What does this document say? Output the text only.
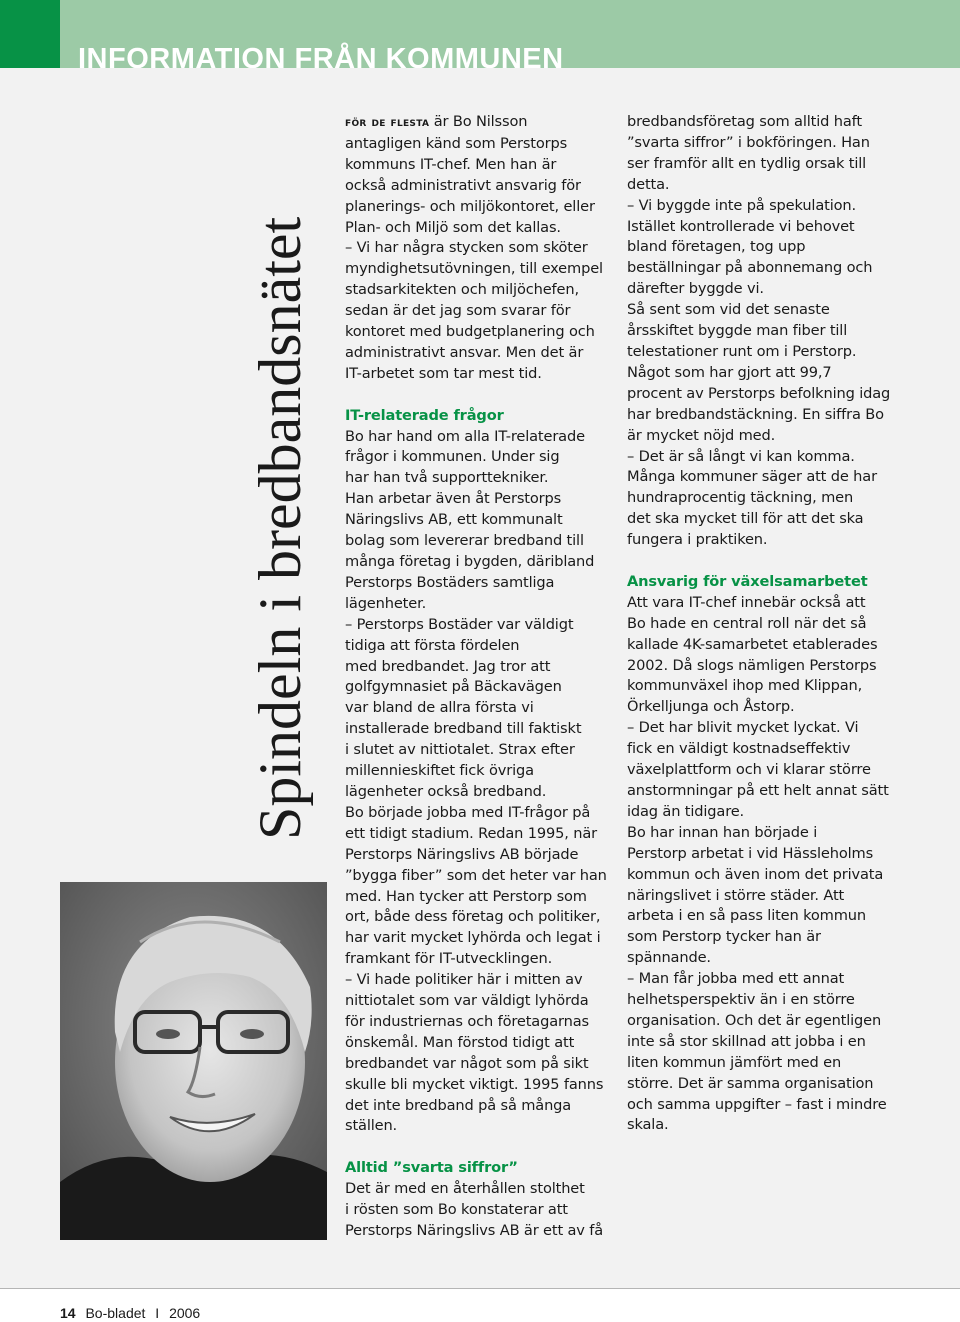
INFORMATION FRÅN KOMMUNEN
Spindeln i bredbandsnätet

för de flesta är Bo Nilsson
antagligen känd som Perstorps
kommuns IT-chef. Men han är
också administrativt ansvarig för
planerings- och miljökontoret, eller
Plan- och Miljö som det kallas.
– Vi har några stycken som sköter
myndighetsutövningen, till exempel
stadsarkitekten och miljöchefen,
sedan är det jag som svarar för
kontoret med budgetplanering och
administrativt ansvar. Men det är
IT-arbetet som tar mest tid.

IT-relaterade frågor

Bo har hand om alla IT-relaterade
frågor i kommunen. Under sig
har han två supporttekniker.
Han arbetar även åt Perstorps
Näringslivs AB, ett kommunalt
bolag som levererar bredband till
många företag i bygden, däribland
Perstorps Bostäders samtliga
lägenheter.
– Perstorps Bostäder var väldigt
tidiga att första fördelen
med bredbandet. Jag tror att
golfgymnasiet på Bäckavägen
var bland de allra första vi
installerade bredband till faktiskt
i slutet av nittiotalet. Strax efter
millennieskiftet fick övriga
lägenheter också bredband.
Bo började jobba med IT-frågor på
ett tidigt stadium. Redan 1995, när
Perstorps Näringslivs AB började
”bygga fiber” som det heter var han
med. Han tycker att Perstorp som
ort, både dess företag och politiker,
har varit mycket lyhörda och legat i
framkant för IT-utvecklingen.
– Vi hade politiker här i mitten av
nittiotalet som var väldigt lyhörda
för industriernas och företagarnas
önskemål. Man förstod tidigt att
bredbandet var något som på sikt
skulle bli mycket viktigt. 1995 fanns
det inte bredband på så många
ställen.

Alltid ”svarta siffror”

Det är med en återhållen stolthet
i rösten som Bo konstaterar att
Perstorps Näringslivs AB är ett av få

bredbandsföretag som alltid haft
”svarta siffror” i bokföringen. Han
ser framför allt en tydlig orsak till
detta.
– Vi byggde inte på spekulation.
Istället kontrollerade vi behovet
bland företagen, tog upp
beställningar på abonnemang och
därefter byggde vi.
Så sent som vid det senaste
årsskiftet byggde man fiber till
telestationer runt om i Perstorp.
Något som har gjort att 99,7
procent av Perstorps befolkning idag
har bredbandstäckning. En siffra Bo
är mycket nöjd med.
– Det är så långt vi kan komma.
Många kommuner säger att de har
hundraprocentig täckning, men
det ska mycket till för att det ska
fungera i praktiken.

Ansvarig för växelsamarbetet

Att vara IT-chef innebär också att
Bo hade en central roll när det så
kallade 4K-samarbetet etablerades
2002. Då slogs nämligen Perstorps
kommunväxel ihop med Klippan,
Örkelljunga och Åstorp.
– Det har blivit mycket lyckat. Vi
fick en väldigt kostnadseffektiv
växelplattform och vi klarar större
anstormningar på ett helt annat sätt
idag än tidigare.
Bo har innan han började i
Perstorp arbetat i vid Hässleholms
kommun och även inom det privata
näringslivet i större städer. Att
arbeta i en så pass liten kommun
som Perstorp tycker han är
spännande.
– Man får jobba med ett annat
helhetsperspektiv än i en större
organisation. Och det är egentligen
inte så stor skillnad att jobba i en
liten kommun jämfört med en
större. Det är samma organisation
och samma uppgifter – fast i mindre
skala.

14 Bo-bladet I 2006
